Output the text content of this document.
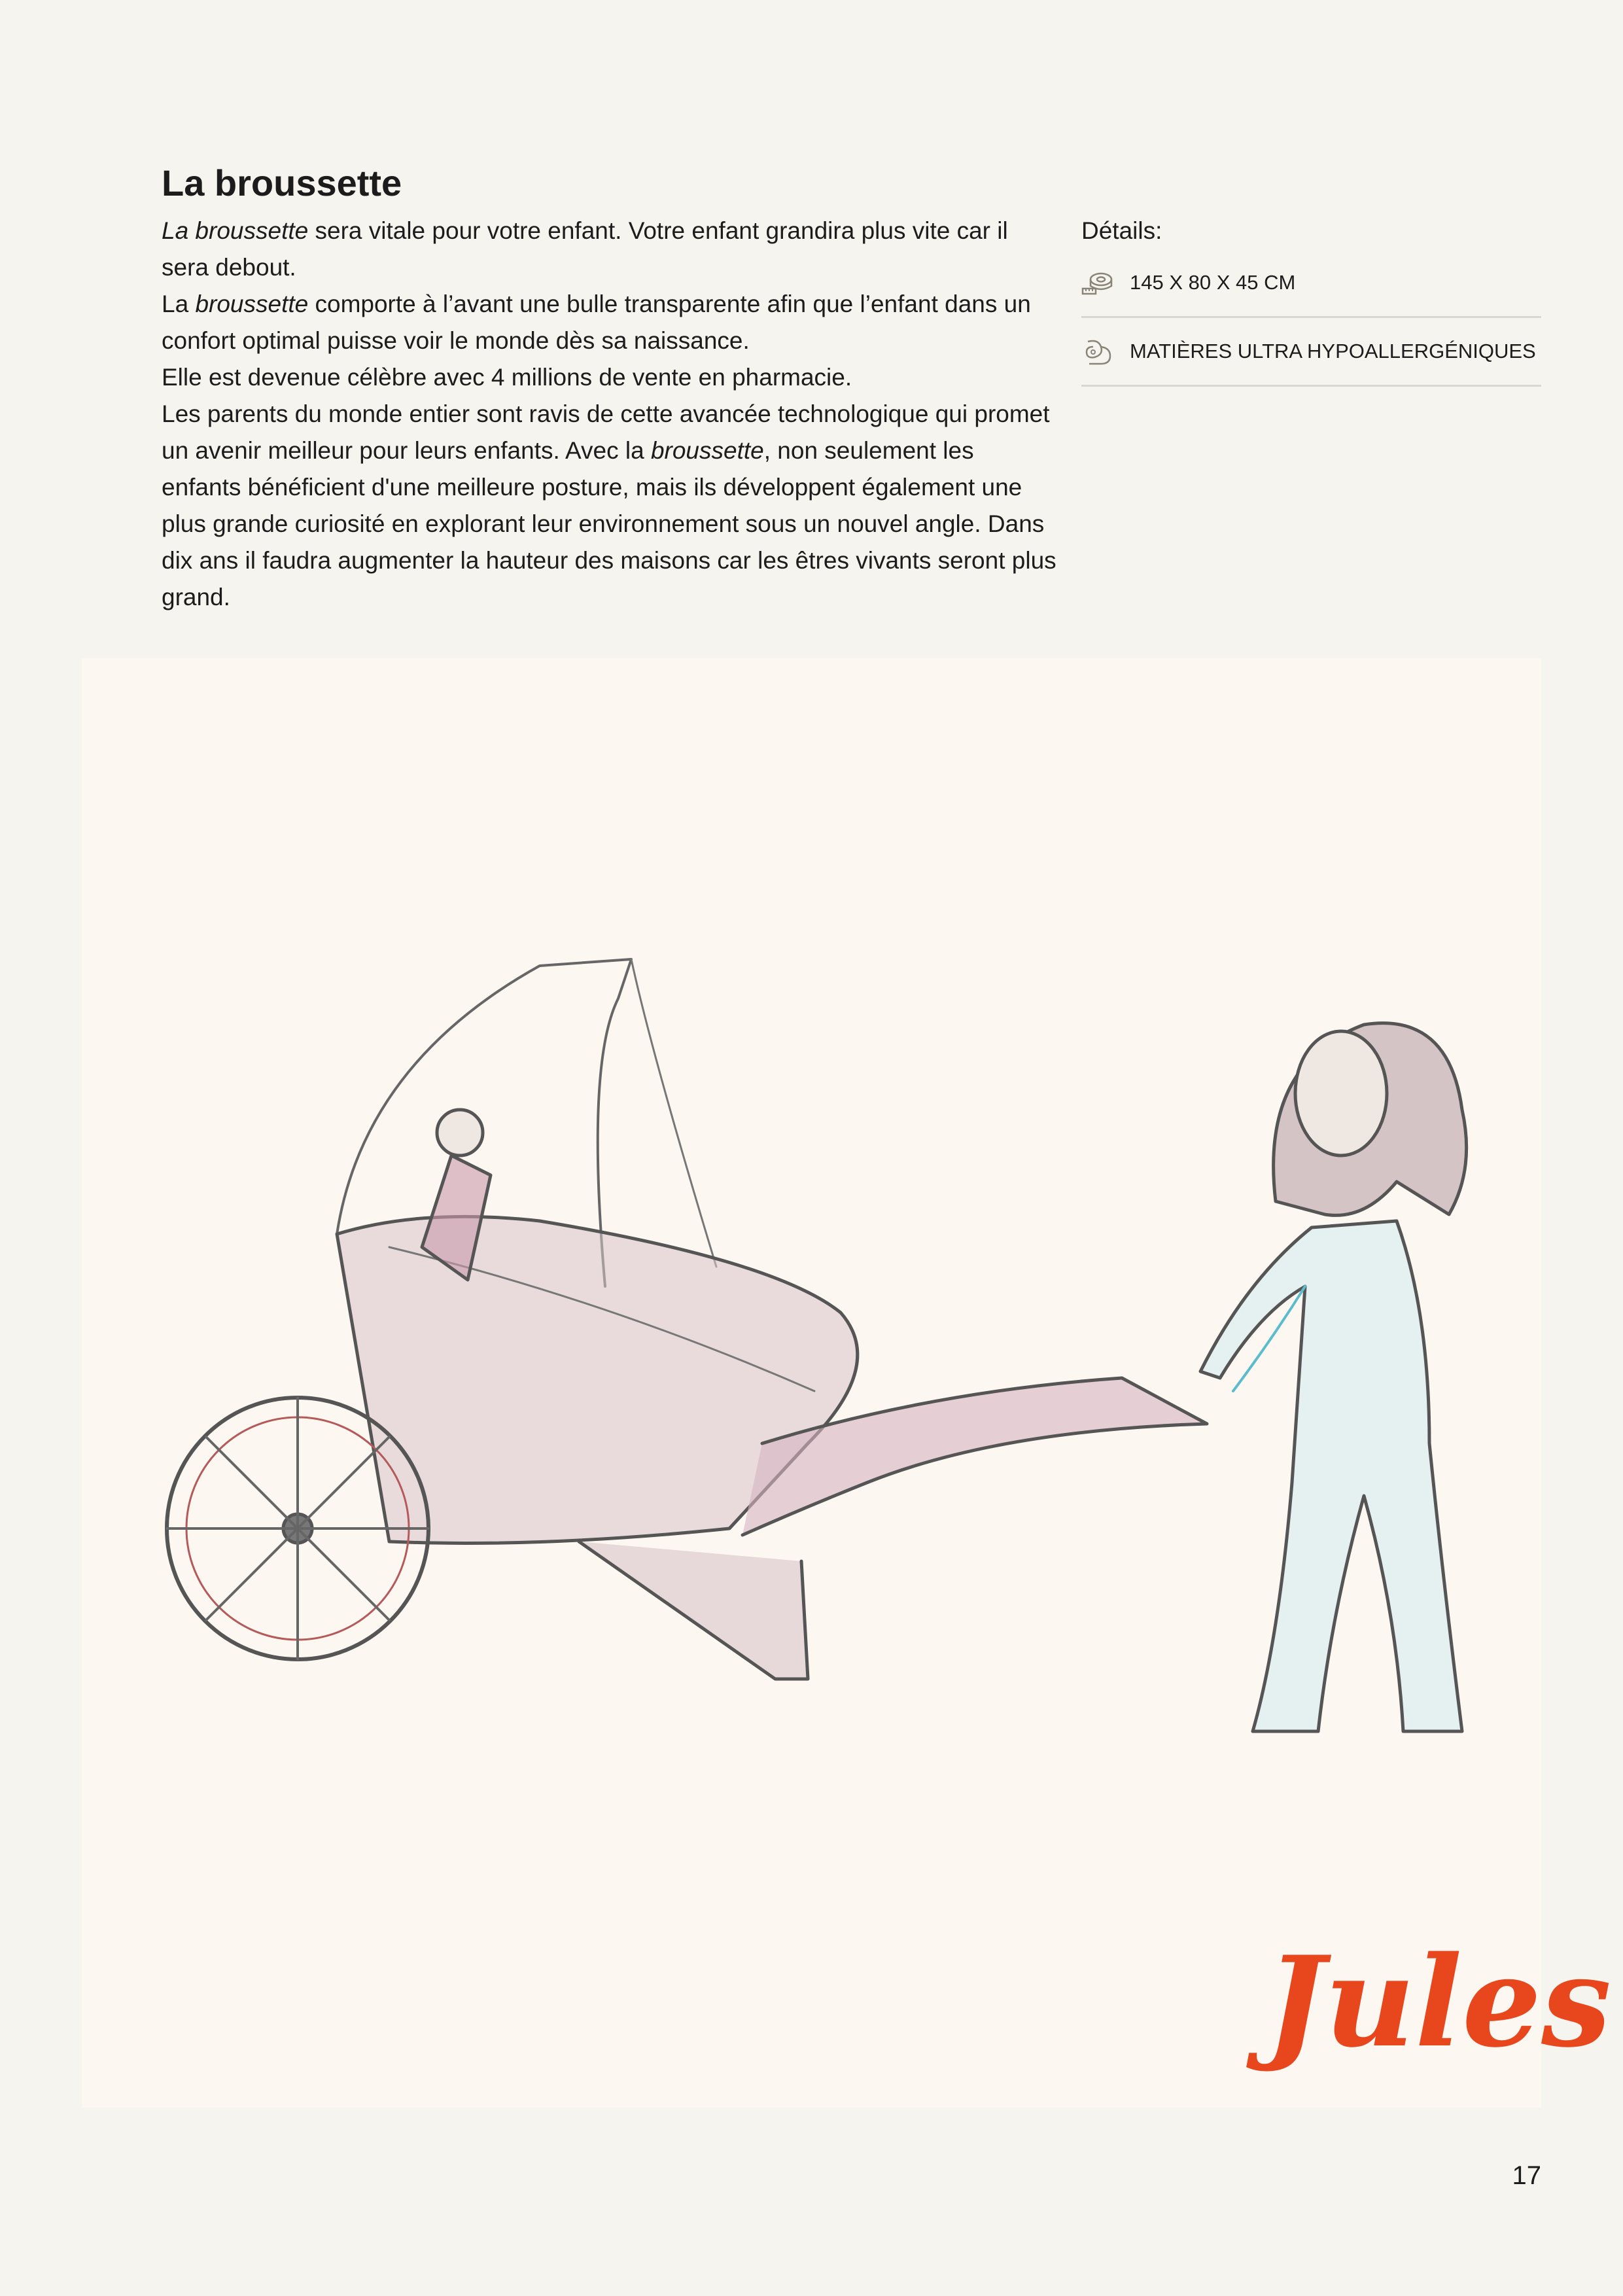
La broussette

La broussette sera vitale pour votre enfant. Votre enfant grandira plus vite car il sera debout.

La broussette comporte à l’avant une bulle transparente afin que l’enfant dans un confort optimal puisse voir le monde dès sa naissance.

Elle est devenue célèbre avec 4 millions de vente en pharmacie.

Les parents du monde entier sont ravis de cette avancée technologique qui promet un avenir meilleur pour leurs enfants. Avec la broussette, non seulement les enfants bénéficient d'une meilleure posture, mais ils développent également une plus grande curiosité en explorant leur environnement sous un nouvel angle. Dans dix ans il faudra augmenter la hauteur des maisons car les êtres vivants seront plus grand.

Détails:

145 X 80 X 45 CM
MATIÈRES ULTRA HYPOALLERGÉNIQUES
Jules
17
